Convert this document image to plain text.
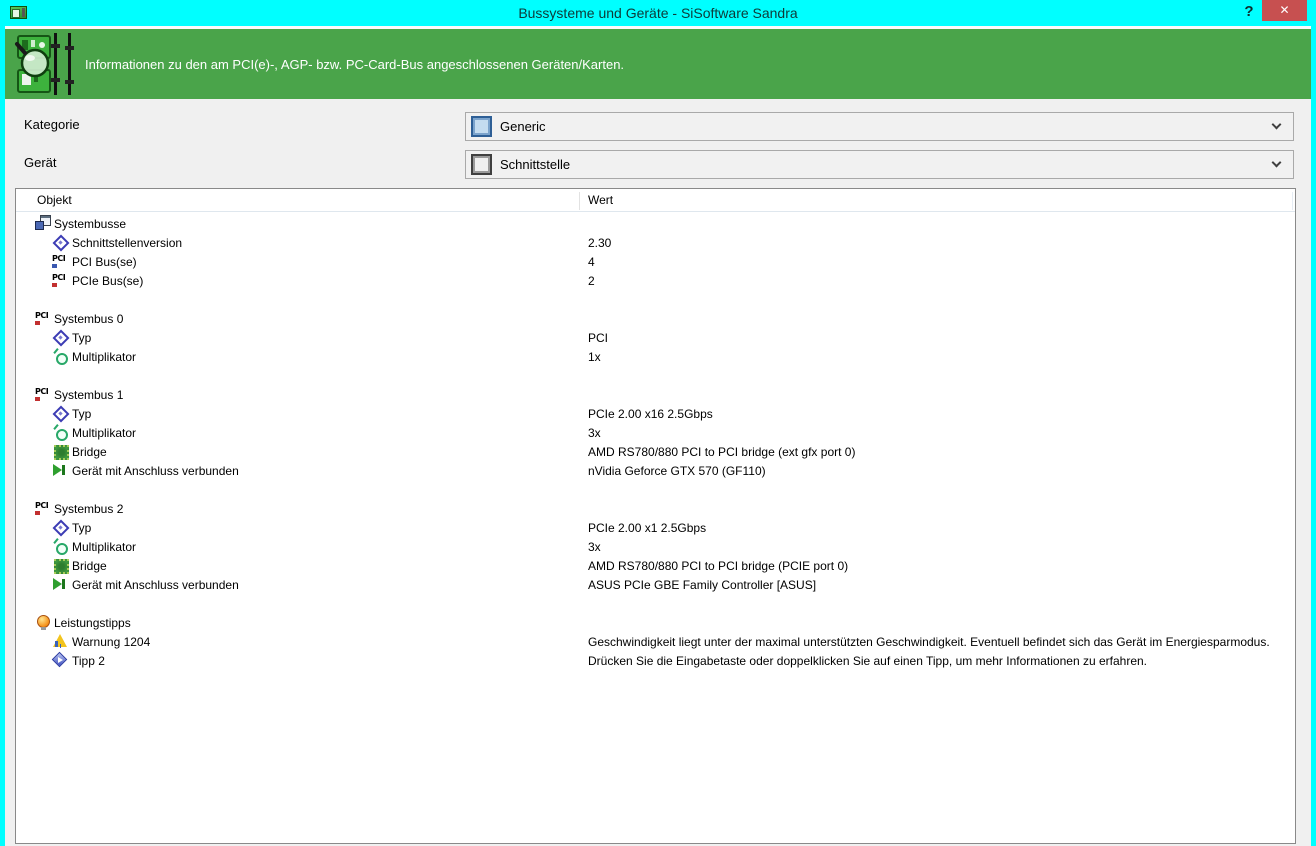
Bussysteme und Geräte - SiSoftware Sandra	?	✕
Informationen zu den am PCI(e)-, AGP- bzw. PC-Card-Bus angeschlossenen Geräten/Karten.
Kategorie	Generic
Gerät	Schnittstelle
Objekt	Wert
Systembusse
Schnittstellenversion	2.30
PCI
PCI Bus(se)	4
PCI
PCIe Bus(se)	2
PCI
Systembus 0
Typ	PCI
Multiplikator	1x
PCI
Systembus 1
Typ	PCIe 2.00 x16 2.5Gbps
Multiplikator	3x
Bridge	AMD RS780/880 PCI to PCI bridge (ext gfx port 0)
Gerät mit Anschluss verbunden	nVidia Geforce GTX 570 (GF110)
PCI
Systembus 2
Typ	PCIe 2.00 x1 2.5Gbps
Multiplikator	3x
Bridge	AMD RS780/880 PCI to PCI bridge (PCIE port 0)
Gerät mit Anschluss verbunden	ASUS PCIe GBE Family Controller [ASUS]
Leistungstipps
Warnung 1204	Geschwindigkeit liegt unter der maximal unterstützten Geschwindigkeit. Eventuell befindet sich das Gerät im Energiesparmodus.
Tipp 2	Drücken Sie die Eingabetaste oder doppelklicken Sie auf einen Tipp, um mehr Informationen zu erfahren.
